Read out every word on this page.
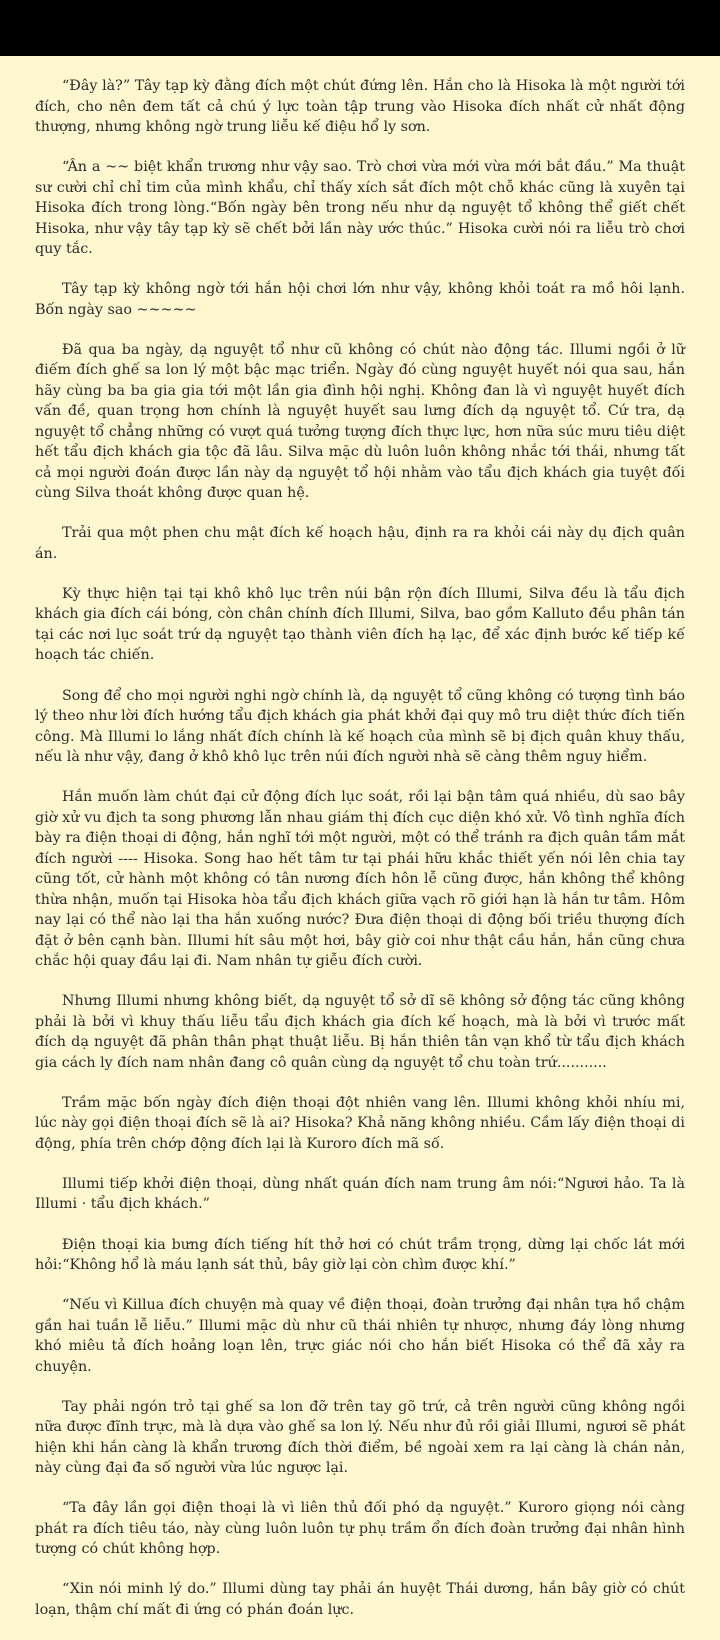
“Đây là?” Tây tạp kỳ đằng đích một chút đứng lên. Hắn cho là Hisoka là một người tới đích, cho nên đem tất cả chú ý lực toàn tập trung vào Hisoka đích nhất cử nhất động thượng, nhưng không ngờ trung liễu kế điệu hổ ly sơn.

“Ân a ~~ biệt khẩn trương như vậy sao. Trò chơi vừa mới vừa mới bắt đầu.” Ma thuật sư cười chỉ chỉ tim của mình khẩu, chỉ thấy xích sắt đích một chỗ khác cũng là xuyên tại Hisoka đích trong lòng.“Bốn ngày bên trong nếu như dạ nguyệt tổ không thể giết chết Hisoka, như vậy tây tạp kỳ sẽ chết bởi lần này ước thúc.” Hisoka cười nói ra liễu trò chơi quy tắc.

Tây tạp kỳ không ngờ tới hắn hội chơi lớn như vậy, không khỏi toát ra mồ hôi lạnh. Bốn ngày sao ~~~~~

Đã qua ba ngày, dạ nguyệt tổ như cũ không có chút nào động tác. Illumi ngồi ở lữ điếm đích ghế sa lon lý một bậc mạc triển. Ngày đó cùng nguyệt huyết nói qua sau, hắn hãy cùng ba ba gia gia tới một lần gia đình hội nghị. Không đan là vì nguyệt huyết đích vấn đề, quan trọng hơn chính là nguyệt huyết sau lưng đích dạ nguyệt tổ. Cứ tra, dạ nguyệt tổ chẳng những có vượt quá tưởng tượng đích thực lực, hơn nữa súc mưu tiêu diệt hết tẩu địch khách gia tộc đã lâu. Silva mặc dù luôn luôn không nhắc tới thái, nhưng tất cả mọi người đoán được lần này dạ nguyệt tổ hội nhằm vào tẩu địch khách gia tuyệt đối cùng Silva thoát không được quan hệ.

Trải qua một phen chu mật đích kế hoạch hậu, định ra ra khỏi cái này dụ địch quân án.

Kỳ thực hiện tại tại khô khô lục trên núi bận rộn đích Illumi, Silva đều là tẩu địch khách gia đích cái bóng, còn chân chính đích Illumi, Silva, bao gồm Kalluto đều phân tán tại các nơi lục soát trứ dạ nguyệt tạo thành viên đích hạ lạc, để xác định bước kế tiếp kế hoạch tác chiến.

Song để cho mọi người nghi ngờ chính là, dạ nguyệt tổ cũng không có tượng tình báo lý theo như lời đích hướng tẩu địch khách gia phát khởi đại quy mô tru diệt thức đích tiến công. Mà Illumi lo lắng nhất đích chính là kế hoạch của mình sẽ bị địch quân khuy thấu, nếu là như vậy, đang ở khô khô lục trên núi đích người nhà sẽ càng thêm nguy hiểm.

Hắn muốn làm chút đại cử động đích lục soát, rồi lại bận tâm quá nhiều, dù sao bây giờ xử vu địch ta song phương lẫn nhau giám thị đích cục diện khó xử. Vô tình nghĩa đích bày ra điện thoại di động, hắn nghĩ tới một người, một có thể tránh ra địch quân tầm mắt đích người ---- Hisoka. Song hao hết tâm tư tại phái hữu khắc thiết yến nói lên chia tay cũng tốt, cử hành một không có tân nương đích hôn lễ cũng được, hắn không thể không thừa nhận, muốn tại Hisoka hòa tẩu địch khách giữa vạch rõ giới hạn là hắn tư tâm. Hôm nay lại có thể nào lại tha hắn xuống nước? Đưa điện thoại di động bối triều thượng đích đặt ở bên cạnh bàn. Illumi hít sâu một hơi, bây giờ coi như thật cầu hắn, hắn cũng chưa chắc hội quay đầu lại đi. Nam nhân tự giễu đích cười.

Nhưng Illumi nhưng không biết, dạ nguyệt tổ sở dĩ sẽ không sở động tác cũng không phải là bởi vì khuy thấu liễu tẩu địch khách gia đích kế hoạch, mà là bởi vì trước mất đích dạ nguyệt đã phân thân phạt thuật liễu. Bị hắn thiên tân vạn khổ từ tẩu địch khách gia cách ly đích nam nhân đang cô quân cùng dạ nguyệt tổ chu toàn trứ...........

Trầm mặc bốn ngày đích điện thoại đột nhiên vang lên. Illumi không khỏi nhíu mi, lúc này gọi điện thoại đích sẽ là ai? Hisoka? Khả năng không nhiều. Cầm lấy điện thoại di động, phía trên chớp động đích lại là Kuroro đích mã số.

Illumi tiếp khởi điện thoại, dùng nhất quán đích nam trung âm nói:“Ngươi hảo. Ta là Illumi · tẩu địch khách.”

Điện thoại kia bưng đích tiếng hít thở hơi có chút trầm trọng, dừng lại chốc lát mới hỏi:“Không hổ là máu lạnh sát thủ, bây giờ lại còn chìm được khí.”

“Nếu vì Killua đích chuyện mà quay về điện thoại, đoàn trưởng đại nhân tựa hồ chậm gần hai tuần lễ liễu.” Illumi mặc dù như cũ thái nhiên tự nhược, nhưng đáy lòng nhưng khó miêu tả đích hoảng loạn lên, trực giác nói cho hắn biết Hisoka có thể đã xảy ra chuyện.

Tay phải ngón trỏ tại ghế sa lon đỡ trên tay gõ trứ, cả trên người cũng không ngồi nữa được đĩnh trực, mà là dựa vào ghế sa lon lý. Nếu như đủ rồi giải Illumi, ngươi sẽ phát hiện khi hắn càng là khẩn trương đích thời điểm, bề ngoài xem ra lại càng là chán nản, này cùng đại đa số người vừa lúc ngược lại.

“Ta đây lần gọi điện thoại là vì liên thủ đối phó dạ nguyệt.” Kuroro giọng nói càng phát ra đích tiêu táo, này cùng luôn luôn tự phụ trầm ổn đích đoàn trưởng đại nhân hình tượng có chút không hợp.

“Xin nói minh lý do.” Illumi dùng tay phải án huyệt Thái dương, hắn bây giờ có chút loạn, thậm chí mất đi ứng có phán đoán lực.
